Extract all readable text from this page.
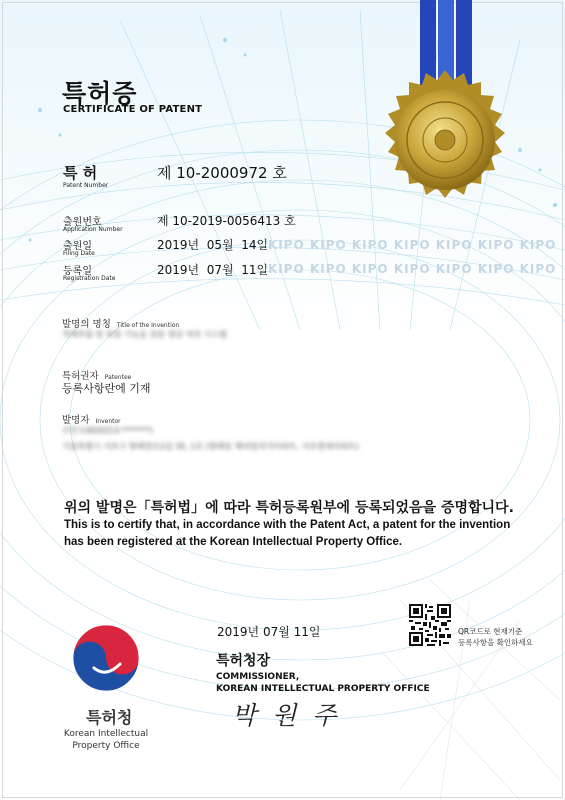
특허증
CERTIFICATE OF PATENT
특 허
Patent Number
제 10-2000972 호
출원번호
Application Number
제 10-2019-0056413 호
출원일
Filing Date
2019년  05월  14일
등록일
Registration Date
2019년  07월  11일
KIPO KIPO KIPO KIPO KIPO KIPO KIPO
KIPO KIPO KIPO KIPO KIPO KIPO KIPO
발명의 명칭 Title of the Invention
객체추출 및 복원 기능을 갖춘 영상 처리 시스템
특허권자 Patentee
등록사항란에 기재
발명자 Inventor
조민수(820213-*******)
서울특별시 서초구 방배천로2길 35, 1호 (방배동 해피빌리지아파트, 서초현대아파트)
위의 발명은「특허법」에 따라 특허등록원부에 등록되었음을 증명합니다.
This is to certify that, in accordance with the Patent Act, a patent for the invention
has been registered at the Korean Intellectual Property Office.
2019년 07월 11일	QR코드로 현재기준
등록사항을 확인하세요
특허청장
COMMISSIONER,
KOREAN INTELLECTUAL PROPERTY OFFICE
박 원 주
특허청
Korean Intellectual
Property Office
